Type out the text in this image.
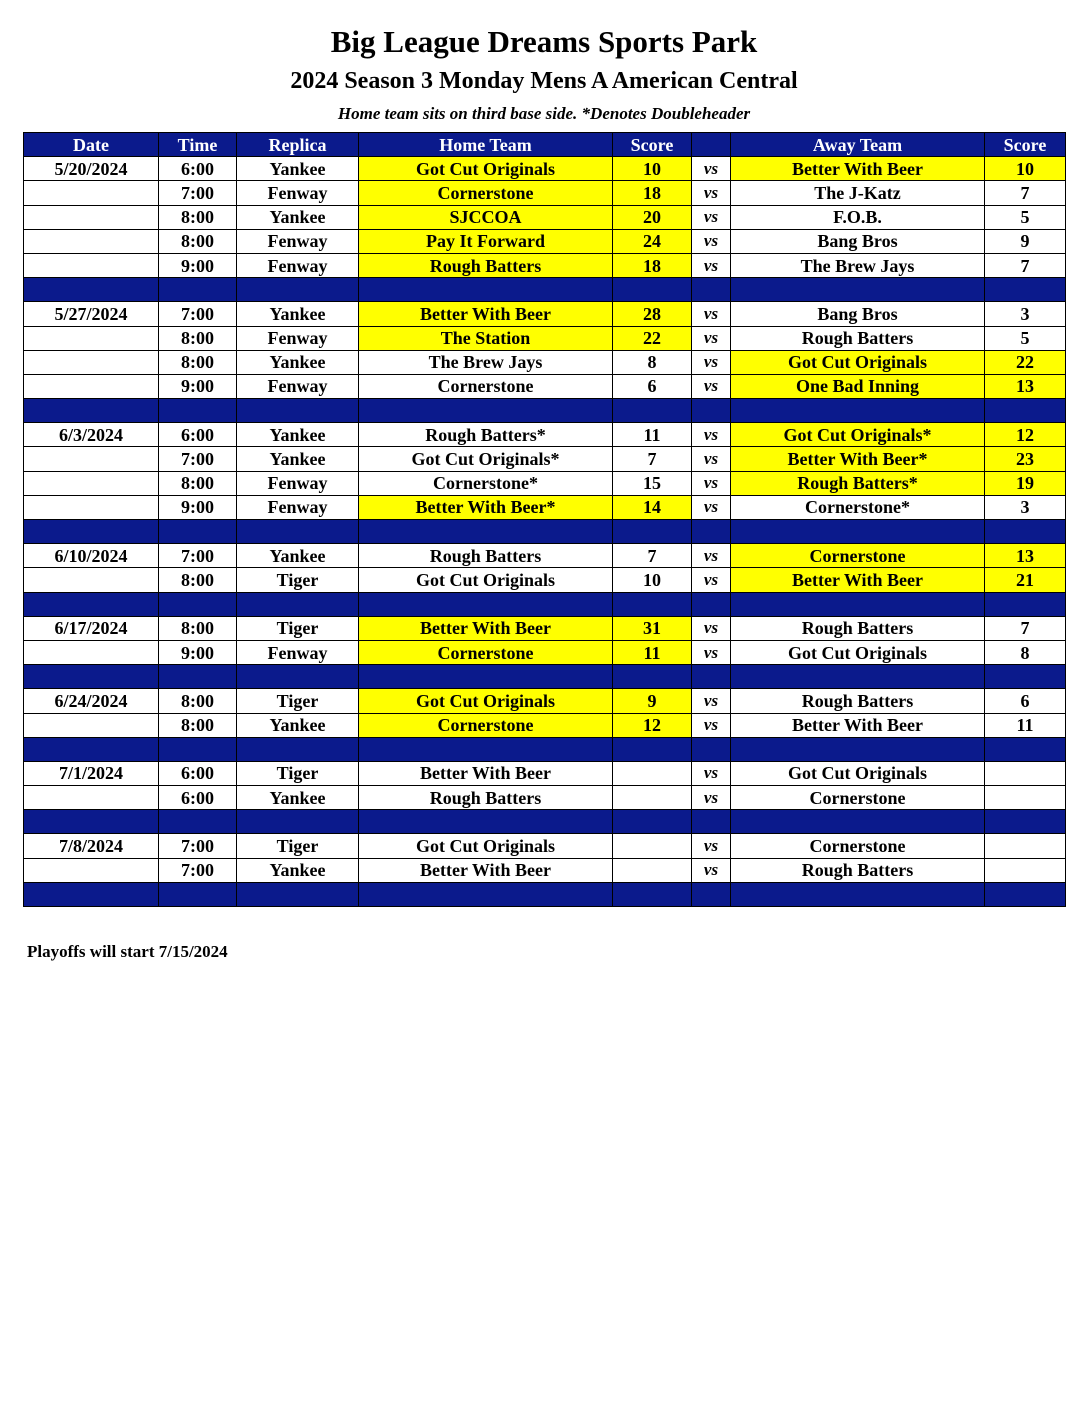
Big League Dreams Sports Park
2024 Season 3 Monday Mens A American Central
Home team sits on third base side. *Denotes Doubleheader
Date	Time	Replica	Home Team	Score		Away Team	Score
5/20/2024	6:00	Yankee	Got Cut Originals	10	vs	Better With Beer	10
	7:00	Fenway	Cornerstone	18	vs	The J-Katz	7
	8:00	Yankee	SJCCOA	20	vs	F.O.B.	5
	8:00	Fenway	Pay It Forward	24	vs	Bang Bros	9
	9:00	Fenway	Rough Batters	18	vs	The Brew Jays	7

5/27/2024	7:00	Yankee	Better With Beer	28	vs	Bang Bros	3
	8:00	Fenway	The Station	22	vs	Rough Batters	5
	8:00	Yankee	The Brew Jays	8	vs	Got Cut Originals	22
	9:00	Fenway	Cornerstone	6	vs	One Bad Inning	13

6/3/2024	6:00	Yankee	Rough Batters*	11	vs	Got Cut Originals*	12
	7:00	Yankee	Got Cut Originals*	7	vs	Better With Beer*	23
	8:00	Fenway	Cornerstone*	15	vs	Rough Batters*	19
	9:00	Fenway	Better With Beer*	14	vs	Cornerstone*	3

6/10/2024	7:00	Yankee	Rough Batters	7	vs	Cornerstone	13
	8:00	Tiger	Got Cut Originals	10	vs	Better With Beer	21

6/17/2024	8:00	Tiger	Better With Beer	31	vs	Rough Batters	7
	9:00	Fenway	Cornerstone	11	vs	Got Cut Originals	8

6/24/2024	8:00	Tiger	Got Cut Originals	9	vs	Rough Batters	6
	8:00	Yankee	Cornerstone	12	vs	Better With Beer	11

7/1/2024	6:00	Tiger	Better With Beer		vs	Got Cut Originals	
	6:00	Yankee	Rough Batters		vs	Cornerstone	

7/8/2024	7:00	Tiger	Got Cut Originals		vs	Cornerstone	
	7:00	Yankee	Better With Beer		vs	Rough Batters	

Playoffs will start 7/15/2024
